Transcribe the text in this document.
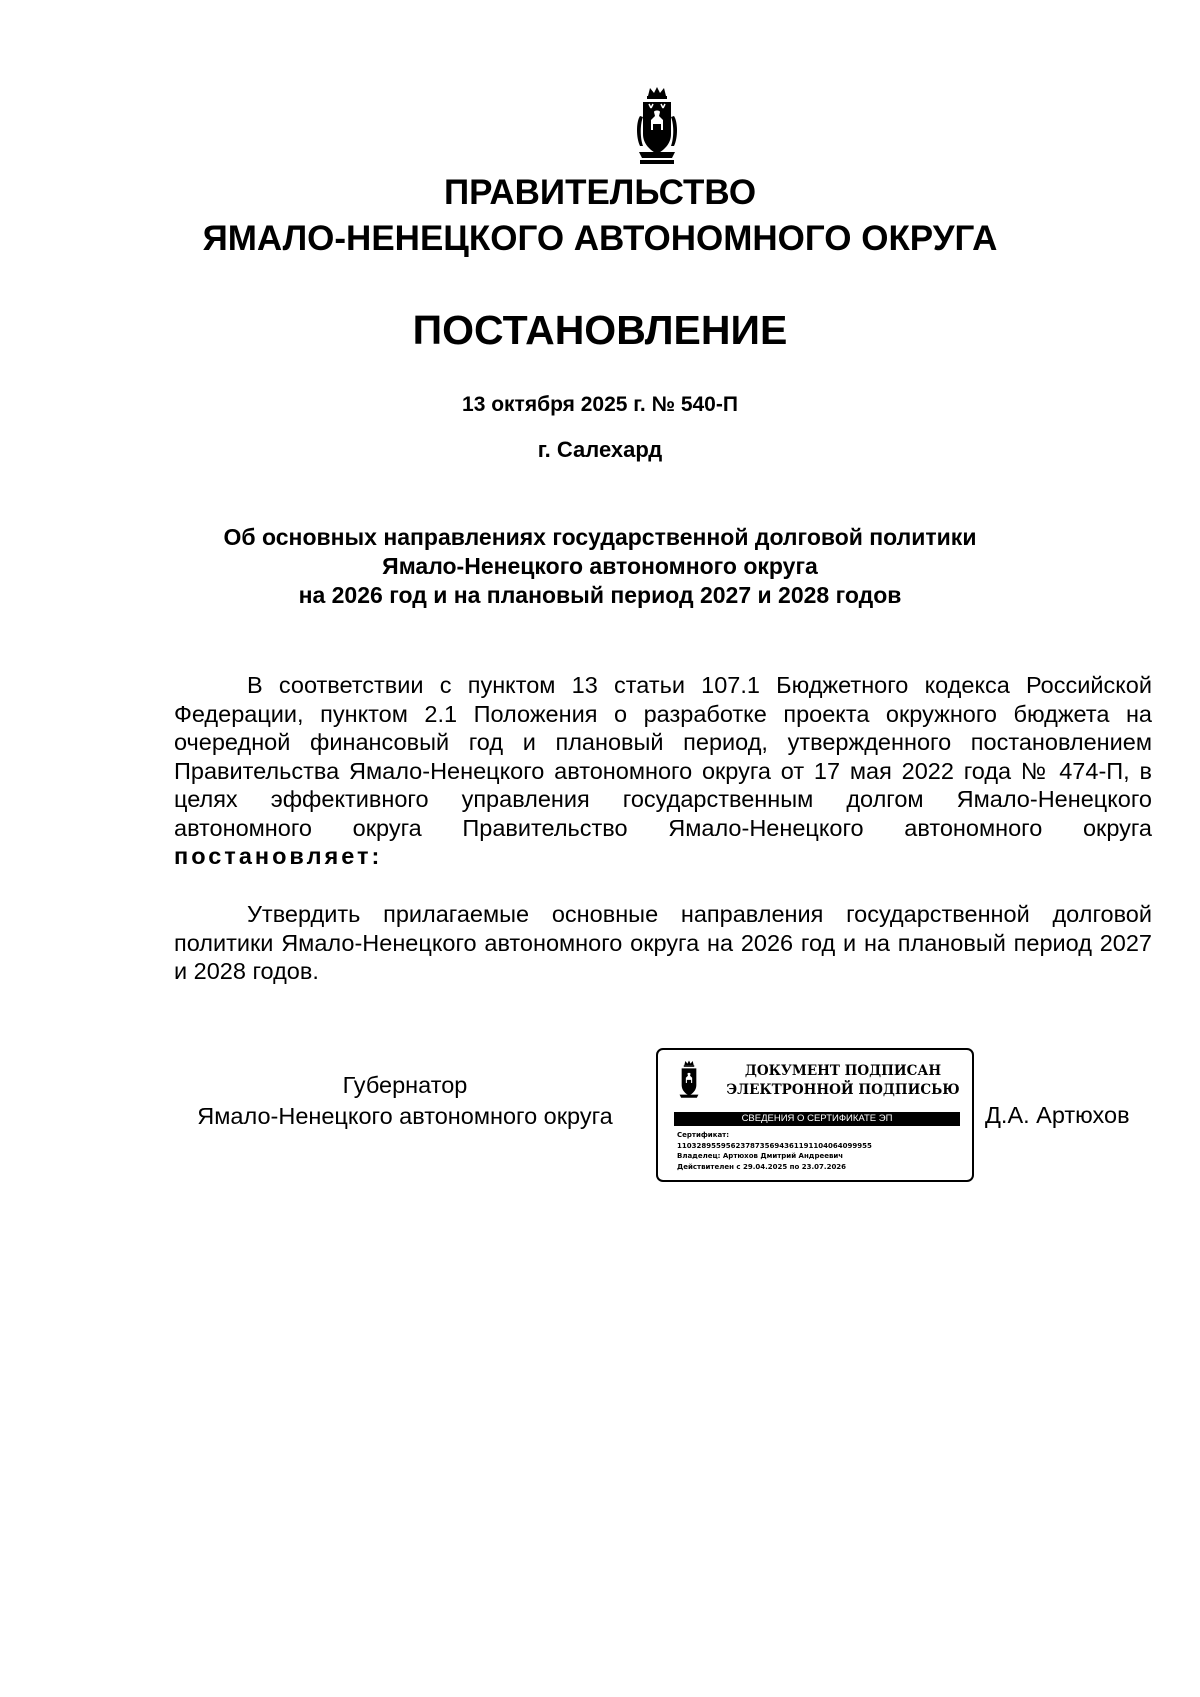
ПРАВИТЕЛЬСТВО
ЯМАЛО-НЕНЕЦКОГО АВТОНОМНОГО ОКРУГА
ПОСТАНОВЛЕНИЕ
13 октября 2025 г. № 540-П
г. Салехард
Об основных направлениях государственной долговой политики
Ямало-Ненецкого автономного округа
на 2026 год и на плановый период 2027 и 2028 годов
В соответствии с пунктом 13 статьи 107.1 Бюджетного кодекса Российской Федерации, пунктом 2.1 Положения о разработке проекта окружного бюджета на очередной финансовый год и плановый период, утвержденного постановлением Правительства Ямало-Ненецкого автономного округа от 17 мая 2022 года № 474-П, в целях эффективного управления государственным долгом Ямало-Ненецкого автономного округа Правительство Ямало-Ненецкого автономного округа постановляет:
Утвердить прилагаемые основные направления государственной долговой политики Ямало-Ненецкого автономного округа на 2026 год и на плановый период 2027 и 2028 годов.
Губернатор
Ямало-Ненецкого автономного округа
ДОКУМЕНТ ПОДПИСАН
ЭЛЕКТРОННОЙ ПОДПИСЬЮ
СВЕДЕНИЯ О СЕРТИФИКАТЕ ЭП
Сертификат:
1103289559562378735694361191104064099955
Владелец: Артюхов Дмитрий Андреевич
Действителен с 29.04.2025 по 23.07.2026
Д.А. Артюхов
